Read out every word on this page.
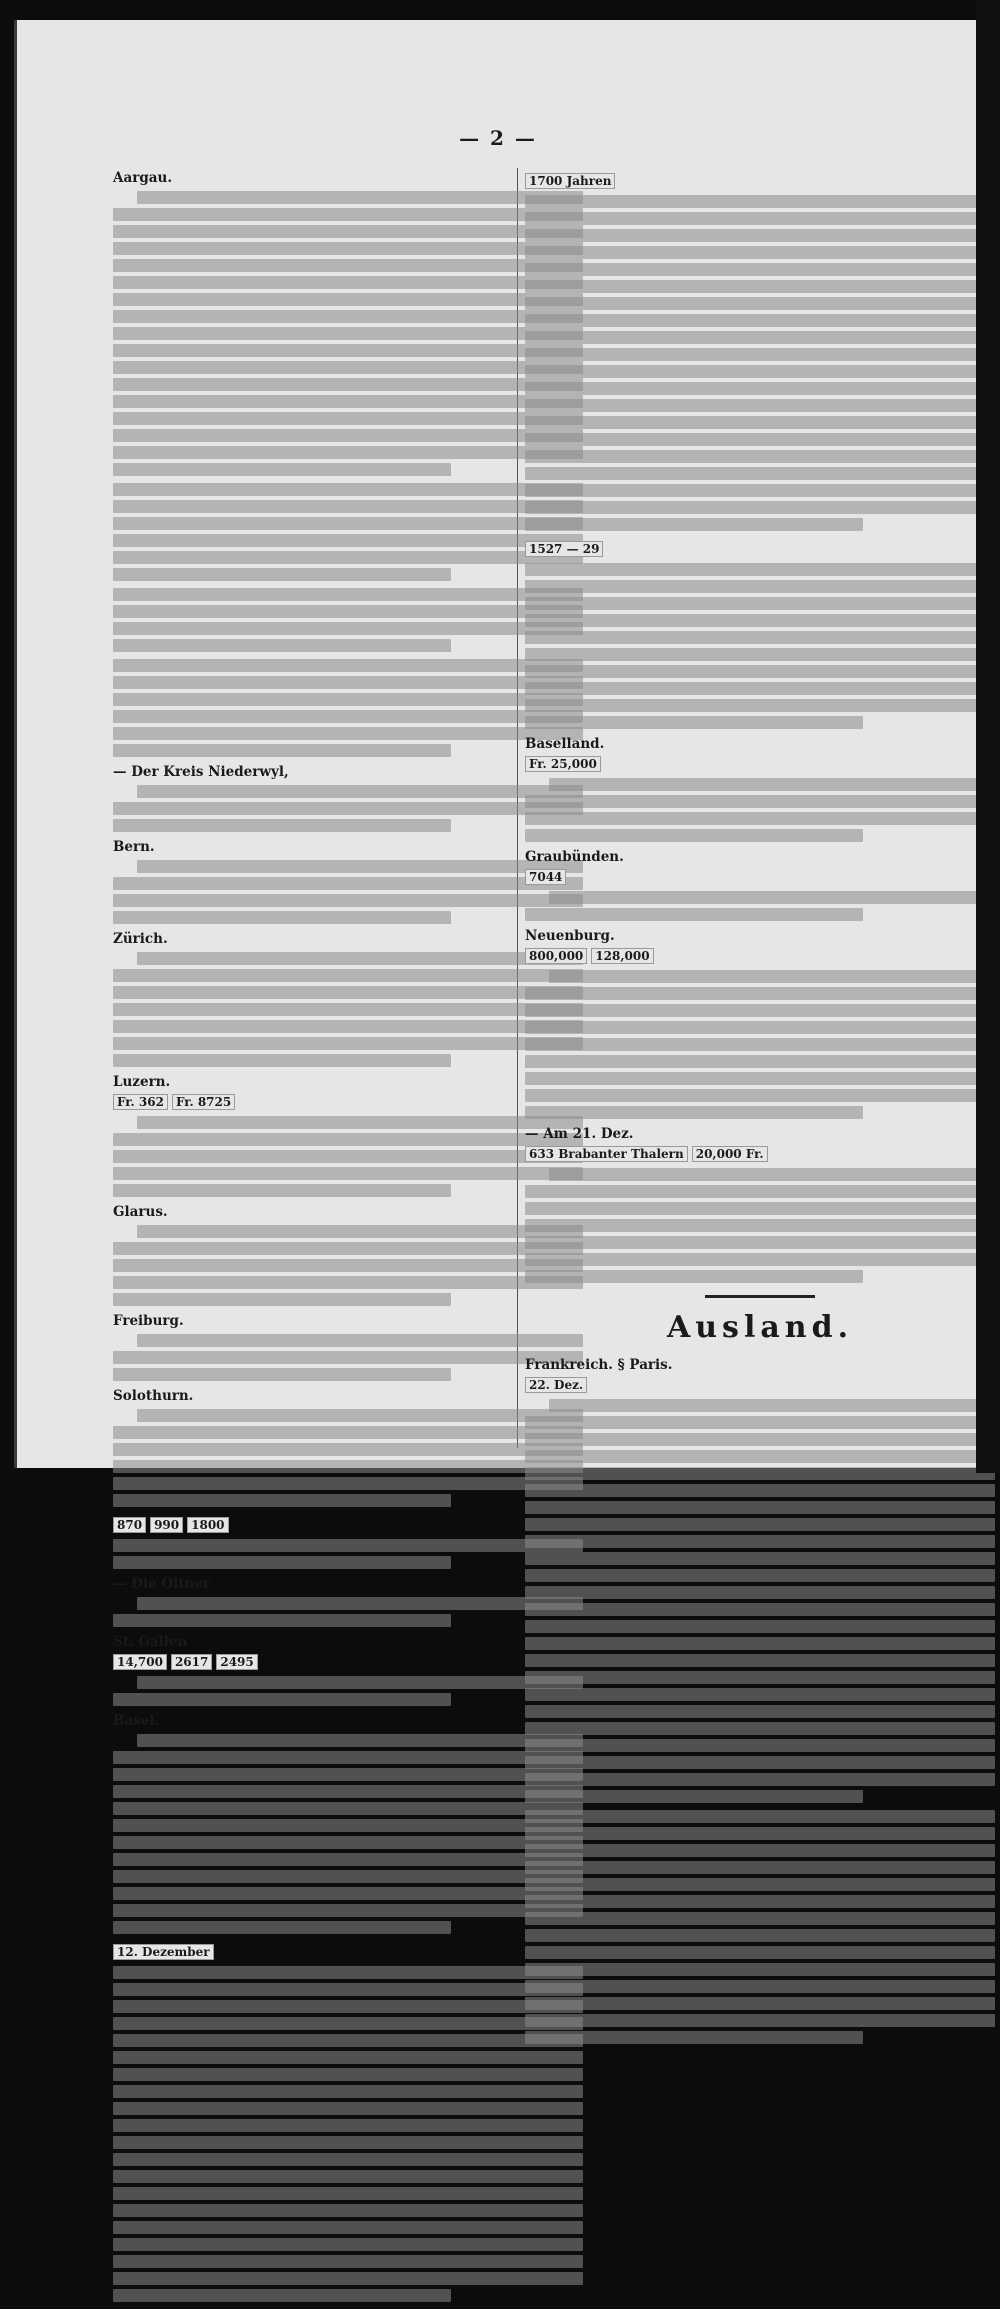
— 2 —
Aargau.
— Der Kreis Niederwyl,
Bern.
Zürich.
Luzern.
Fr. 362 Fr. 8725
Glarus.
Freiburg.
Solothurn.
870 990 1800
— Die Oltner
St. Gallen
14,700 2617 2495
Basel.
12. Dezember
1700 Jahren
1527 — 29
Baselland.
Fr. 25,000
Graubünden.
7044
Neuenburg.
800,000 128,000
— Am 21. Dez.
633 Brabanter Thalern 20,000 Fr.
Ausland.
Frankreich. § Paris.
22. Dez.
